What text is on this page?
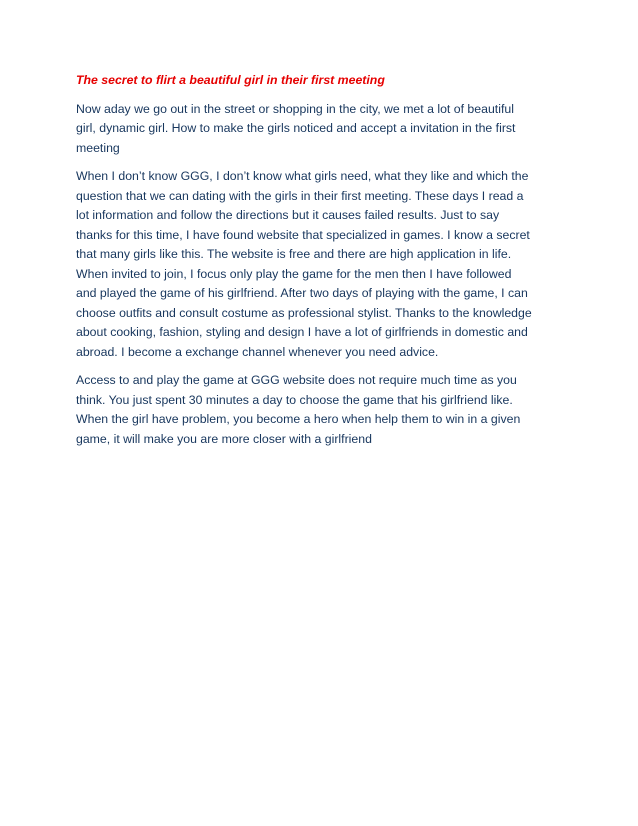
The secret to flirt a beautiful girl in their first meeting

Now aday we go out in the street or shopping in the city, we met a lot of beautiful
girl, dynamic girl. How to make the girls noticed and accept a invitation in the first
meeting

When I don’t know GGG, I don’t know what girls need, what they like and which the
question that we can dating with the girls in their first meeting. These days I read a
lot information and follow the directions but it causes failed results. Just to say
thanks for this time, I have found website that specialized in games. I know a secret
that many girls like this. The website is free and there are high application in life.
When invited to join, I focus only play the game for the men then I have followed
and played the game of his girlfriend. After two days of playing with the game, I can
choose outfits and consult costume as professional stylist. Thanks to the knowledge
about cooking, fashion, styling and design I have a lot of girlfriends in domestic and
abroad. I become a exchange channel whenever you need advice.

Access to and play the game at GGG website does not require much time as you
think. You just spent 30 minutes a day to choose the game that his girlfriend like.
When the girl have problem, you become a hero when help them to win in a given
game, it will make you are more closer with a girlfriend
